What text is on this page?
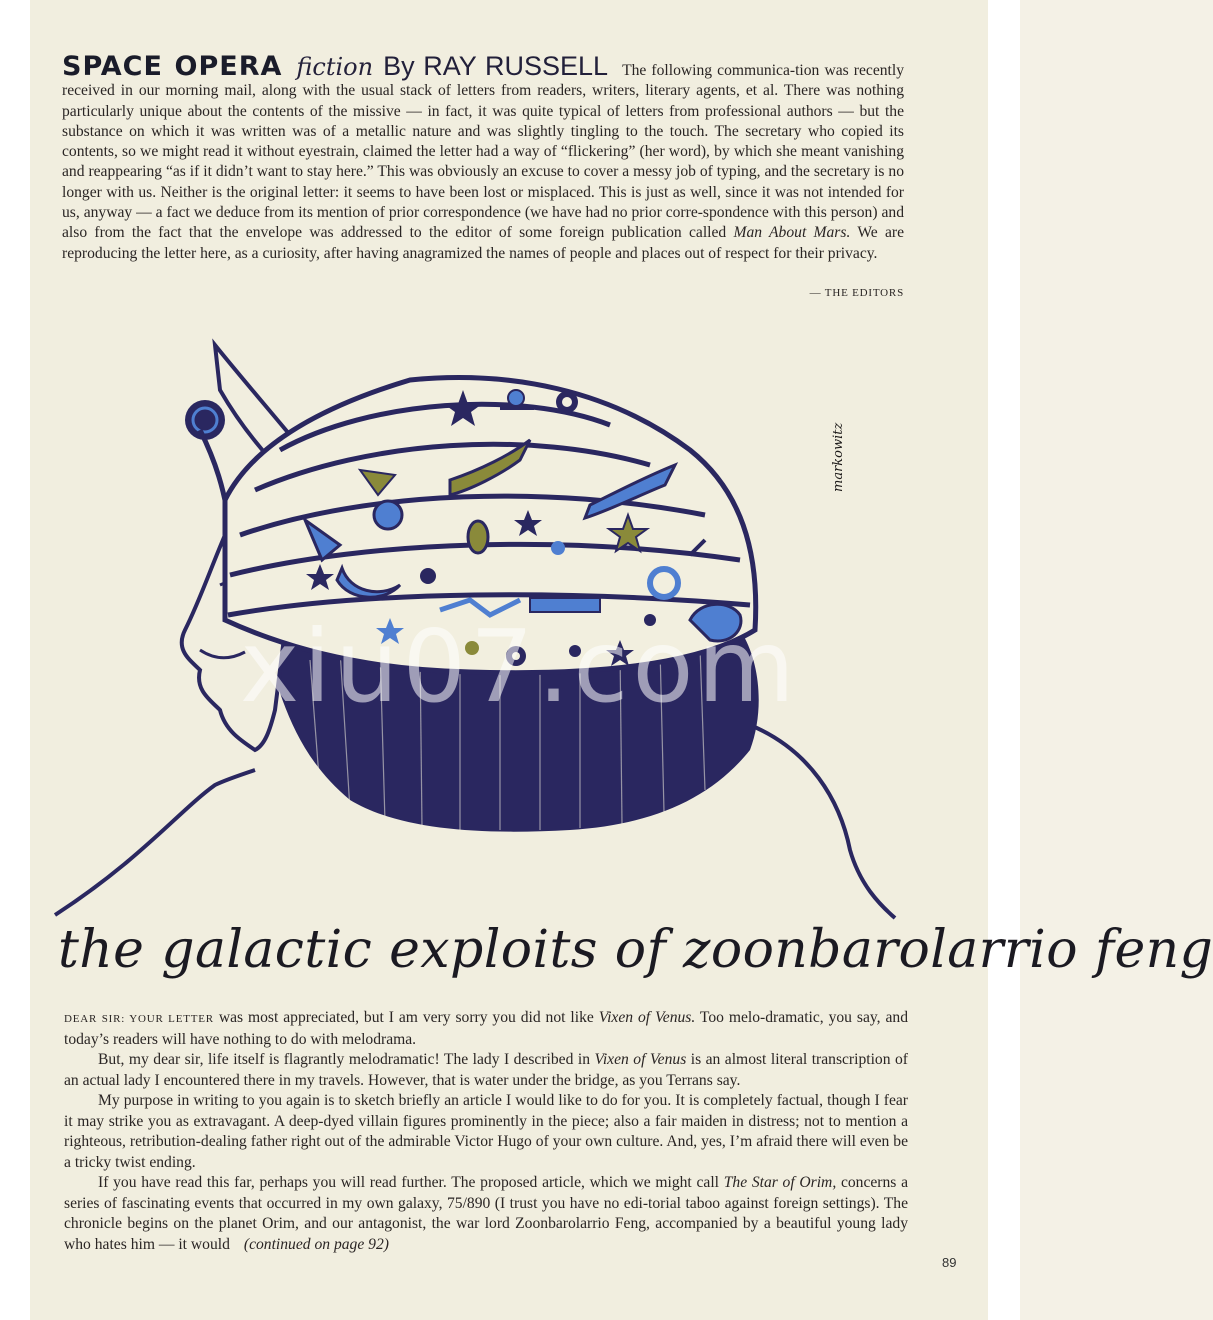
SPACE OPERA fiction By RAY RUSSELL The following communica-tion was recently received in our morning mail, along with the usual stack of letters from readers, writers, literary agents, et al. There was nothing particularly unique about the contents of the missive — in fact, it was quite typical of letters from professional authors — but the substance on which it was written was of a metallic nature and was slightly tingling to the touch. The secretary who copied its contents, so we might read it without eyestrain, claimed the letter had a way of “flickering” (her word), by which she meant vanishing and reappearing “as if it didn’t want to stay here.” This was obviously an excuse to cover a messy job of typing, and the secretary is no longer with us. Neither is the original letter: it seems to have been lost or misplaced. This is just as well, since it was not intended for us, anyway — a fact we deduce from its mention of prior correspondence (we have had no prior corre-spondence with this person) and also from the fact that the envelope was addressed to the editor of some foreign publication called Man About Mars. We are reproducing the letter here, as a curiosity, after having anagramized the names of people and places out of respect for their privacy.
— THE EDITORS
markowitz
xiu07.com
the galactic exploits of zoonbarolarrio feng

DEAR SIR: YOUR LETTER was most appreciated, but I am very sorry you did not like Vixen of Venus. Too melo-dramatic, you say, and today’s readers will have nothing to do with melodrama.

But, my dear sir, life itself is flagrantly melodramatic! The lady I described in Vixen of Venus is an almost literal transcription of an actual lady I encountered there in my travels. However, that is water under the bridge, as you Terrans say.

My purpose in writing to you again is to sketch briefly an article I would like to do for you. It is completely factual, though I fear it may strike you as extravagant. A deep-dyed villain figures prominently in the piece; also a fair maiden in distress; not to mention a righteous, retribution-dealing father right out of the admirable Victor Hugo of your own culture. And, yes, I’m afraid there will even be a tricky twist ending.

If you have read this far, perhaps you will read further. The proposed article, which we might call The Star of Orim, concerns a series of fascinating events that occurred in my own galaxy, 75/890 (I trust you have no edi-torial taboo against foreign settings). The chronicle begins on the planet Orim, and our antagonist, the war lord Zoonbarolarrio Feng, accompanied by a beautiful young lady who hates him — it would (continued on page 92)

89
